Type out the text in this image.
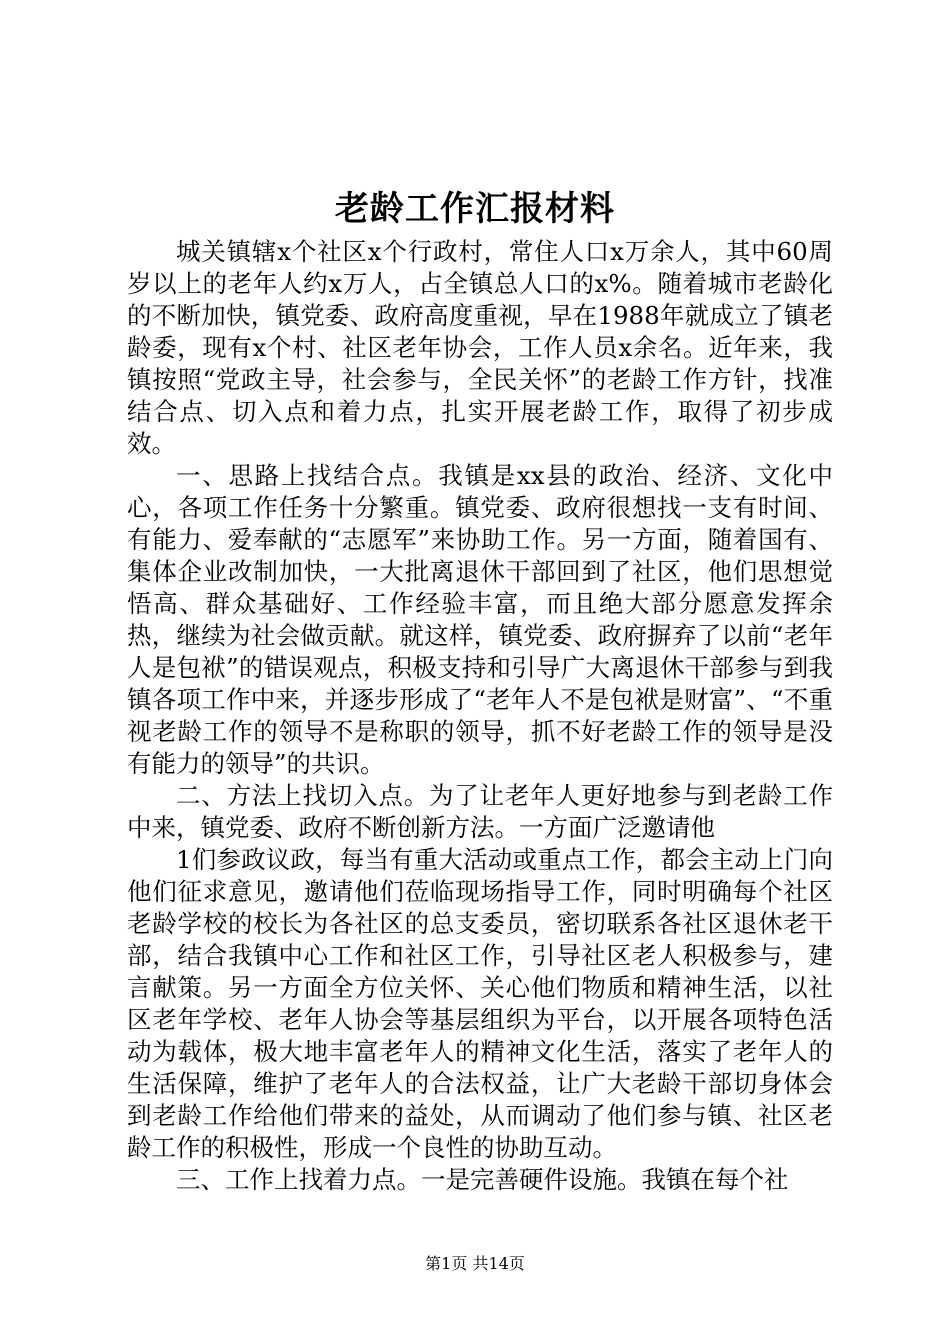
老龄工作汇报材料

城关镇辖x个社区x个行政村，常住人口x万余人，其中60周岁以上的老年人约x万人，占全镇总人口的x%。随着城市老龄化的不断加快，镇党委、政府高度重视，早在1988年就成立了镇老龄委，现有x个村、社区老年协会，工作人员x余名。近年来，我镇按照“党政主导，社会参与，全民关怀”的老龄工作方针，找准结合点、切入点和着力点，扎实开展老龄工作，取得了初步成效。

一、思路上找结合点。我镇是xx县的政治、经济、文化中心，各项工作任务十分繁重。镇党委、政府很想找一支有时间、有能力、爱奉献的“志愿军”来协助工作。另一方面，随着国有、集体企业改制加快，一大批离退休干部回到了社区，他们思想觉悟高、群众基础好、工作经验丰富，而且绝大部分愿意发挥余热，继续为社会做贡献。就这样，镇党委、政府摒弃了以前“老年人是包袱”的错误观点，积极支持和引导广大离退休干部参与到我镇各项工作中来，并逐步形成了“老年人不是包袱是财富”、“不重视老龄工作的领导不是称职的领导，抓不好老龄工作的领导是没有能力的领导”的共识。

二、方法上找切入点。为了让老年人更好地参与到老龄工作中来，镇党委、政府不断创新方法。一方面广泛邀请他

1们参政议政，每当有重大活动或重点工作，都会主动上门向他们征求意见，邀请他们莅临现场指导工作，同时明确每个社区老龄学校的校长为各社区的总支委员，密切联系各社区退休老干部，结合我镇中心工作和社区工作，引导社区老人积极参与，建言献策。另一方面全方位关怀、关心他们物质和精神生活，以社区老年学校、老年人协会等基层组织为平台，以开展各项特色活动为载体，极大地丰富老年人的精神文化生活，落实了老年人的生活保障，维护了老年人的合法权益，让广大老龄干部切身体会到老龄工作给他们带来的益处，从而调动了他们参与镇、社区老龄工作的积极性，形成一个良性的协助互动。

三、工作上找着力点。一是完善硬件设施。我镇在每个社

第1页 共14页
